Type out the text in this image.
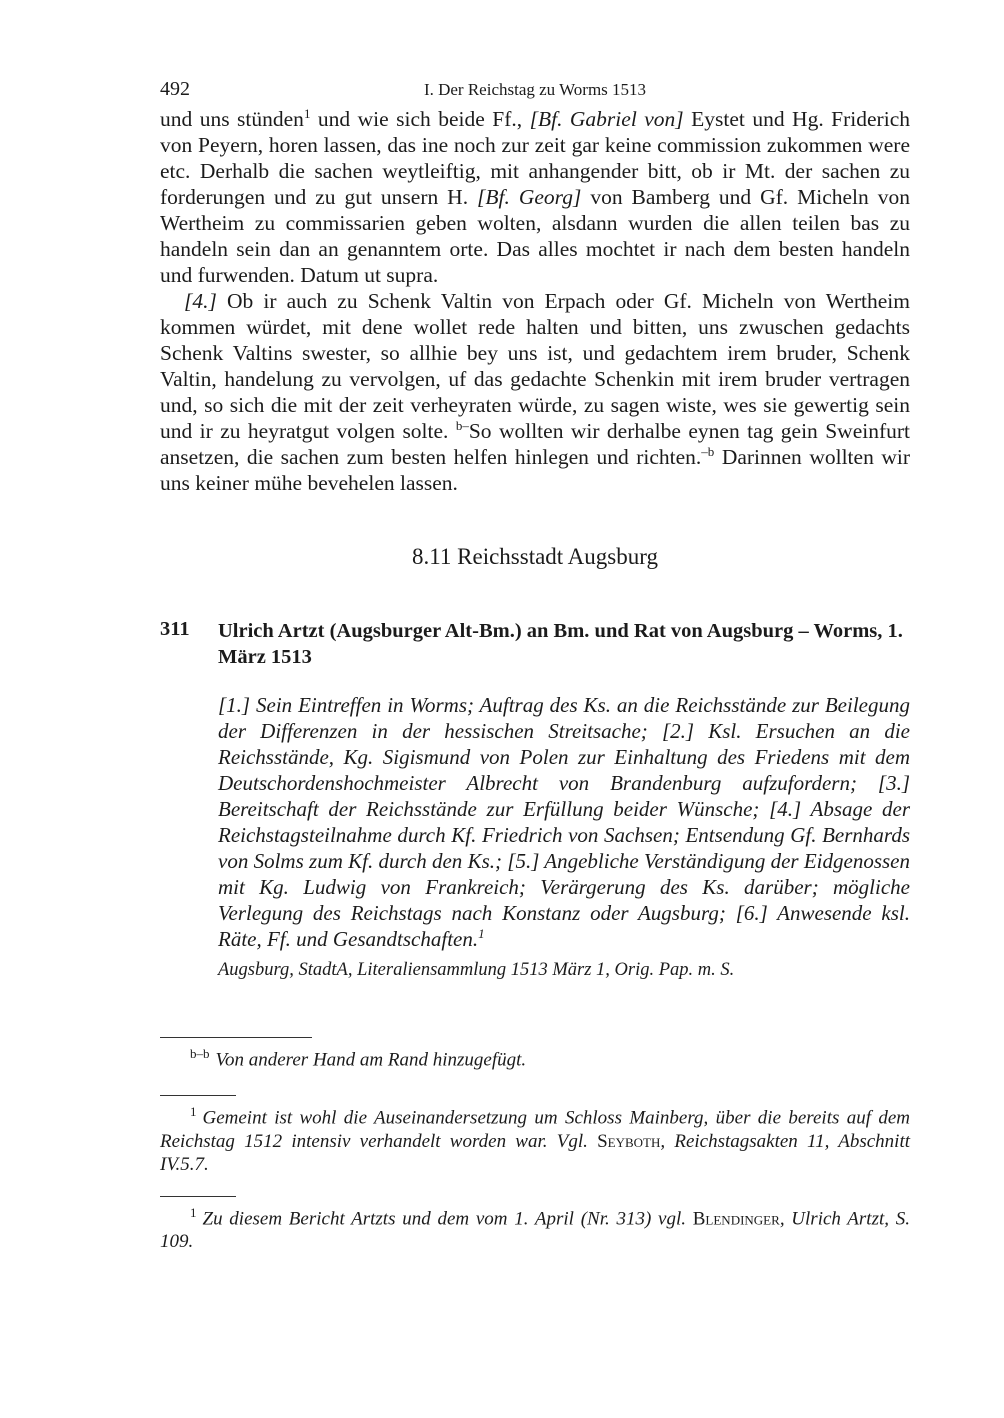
492	I. Der Reichstag zu Worms 1513

und uns stünden$^1$ und wie sich beide Ff., [Bf. Gabriel von] Eystet und Hg. Friderich von Peyern, horen lassen, das ine noch zur zeit gar keine commission zukommen were etc. Derhalb die sachen weytleiftig, mit anhangender bitt, ob ir Mt. der sachen zu forderungen und zu gut unsern H. [Bf. Georg] von Bamberg und Gf. Micheln von Wertheim zu commissarien geben wolten, alsdann wurden die allen teilen bas zu handeln sein dan an genanntem orte. Das alles mochtet ir nach dem besten handeln und furwenden. Datum ut supra.

[4.] Ob ir auch zu Schenk Valtin von Erpach oder Gf. Micheln von Wertheim kommen würdet, mit dene wollet rede halten und bitten, uns zwuschen gedachts Schenk Valtins swester, so allhie bey uns ist, und gedachtem irem bruder, Schenk Valtin, handelung zu vervolgen, uf das gedachte Schenkin mit irem bruder vertragen und, so sich die mit der zeit verheyraten würde, zu sagen wiste, wes sie gewertig sein und ir zu heyratgut volgen solte. $^{b-}$So wollten wir derhalbe eynen tag gein Sweinfurt ansetzen, die sachen zum besten helfen hinlegen und richten.$^{-b}$ Darinnen wollten wir uns keiner mühe bevehelen lassen.

8.11 Reichsstadt Augsburg
311 Ulrich Artzt (Augsburger Alt-Bm.) an Bm. und Rat von Augsburg – Worms, 1. März 1513
[1.] Sein Eintreffen in Worms; Auftrag des Ks. an die Reichsstände zur Beilegung der Differenzen in der hessischen Streitsache; [2.] Ksl. Ersuchen an die Reichsstände, Kg. Sigismund von Polen zur Einhaltung des Friedens mit dem Deutschordenshochmeister Albrecht von Brandenburg aufzufordern; [3.] Bereitschaft der Reichsstände zur Erfüllung beider Wünsche; [4.] Absage der Reichstagsteilnahme durch Kf. Friedrich von Sachsen; Entsendung Gf. Bernhards von Solms zum Kf. durch den Ks.; [5.] Angebliche Verständigung der Eidgenossen mit Kg. Ludwig von Frankreich; Verärgerung des Ks. darüber; mögliche Verlegung des Reichstags nach Konstanz oder Augsburg; [6.] Anwesende ksl. Räte, Ff. und Gesandtschaften.$^1$
Augsburg, StadtA, Literaliensammlung 1513 März 1, Orig. Pap. m. S.
$^{b-b}$ Von anderer Hand am Rand hinzugefügt.
$^1$ Gemeint ist wohl die Auseinandersetzung um Schloss Mainberg, über die bereits auf dem Reichstag 1512 intensiv verhandelt worden war. Vgl. Seyboth, Reichstagsakten 11, Abschnitt IV.5.7.
$^1$ Zu diesem Bericht Artzts und dem vom 1. April (Nr. 313) vgl. Blendinger, Ulrich Artzt, S. 109.
